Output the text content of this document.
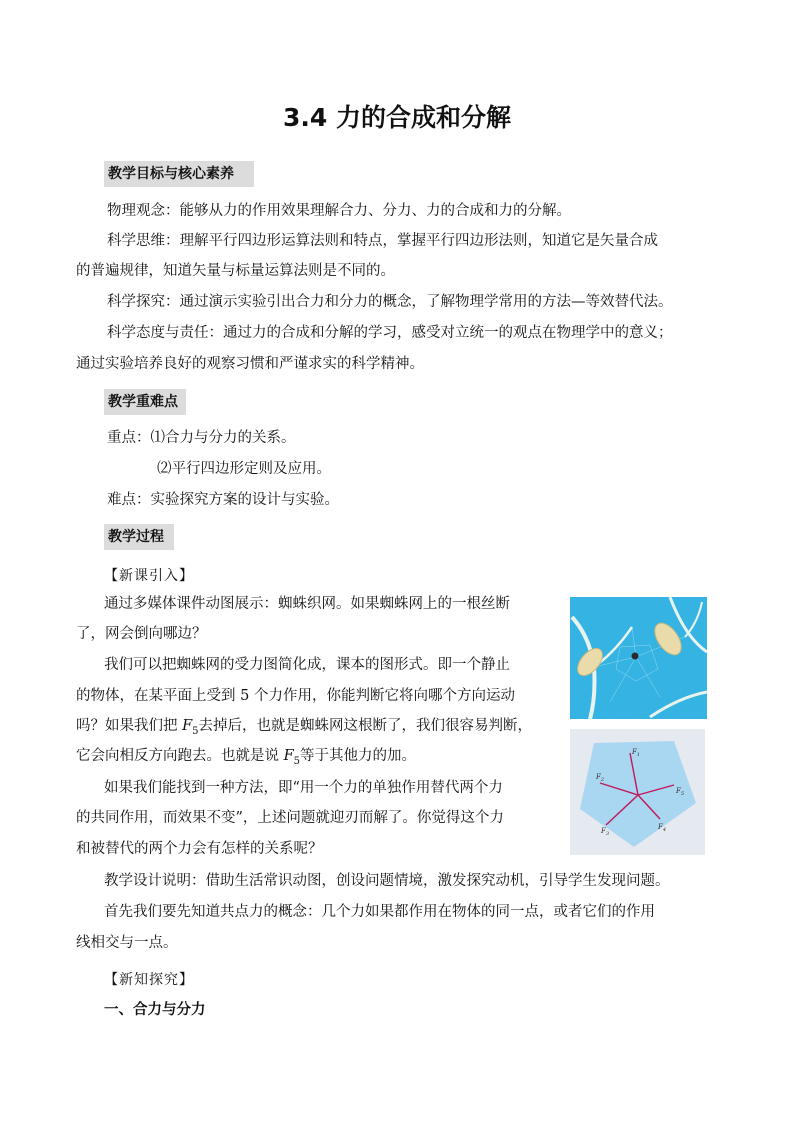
3.4 力的合成和分解
教学目标与核心素养
物理观念：能够从力的作用效果理解合力、分力、力的合成和力的分解。
科学思维：理解平行四边形运算法则和特点，掌握平行四边形法则，知道它是矢量合成
的普遍规律，知道矢量与标量运算法则是不同的。
科学探究：通过演示实验引出合力和分力的概念，了解物理学常用的方法—等效替代法。
科学态度与责任：通过力的合成和分解的学习，感受对立统一的观点在物理学中的意义；
通过实验培养良好的观察习惯和严谨求实的科学精神。
教学重难点
重点：⑴合力与分力的关系。
⑵平行四边形定则及应用。
难点：实验探究方案的设计与实验。
教学过程
【新课引入】
通过多媒体课件动图展示：蜘蛛织网。如果蜘蛛网上的一根丝断
了，网会倒向哪边？
我们可以把蜘蛛网的受力图简化成，课本的图形式。即一个静止
的物体，在某平面上受到 5 个力作用，你能判断它将向哪个方向运动
吗？如果我们把 $F_5$去掉后，也就是蜘蛛网这根断了，我们很容易判断，
它会向相反方向跑去。也就是说 $F_5$等于其他力的加。
如果我们能找到一种方法，即“用一个力的单独作用替代两个力
的共同作用，而效果不变”，上述问题就迎刃而解了。你觉得这个力
和被替代的两个力会有怎样的关系呢？
教学设计说明：借助生活常识动图，创设问题情境，激发探究动机，引导学生发现问题。
首先我们要先知道共点力的概念：几个力如果都作用在物体的同一点，或者它们的作用
线相交与一点。
【新知探究】
一、合力与分力
$F_1$
$F_2$
$F_3$
$F_4$
$F_5$
